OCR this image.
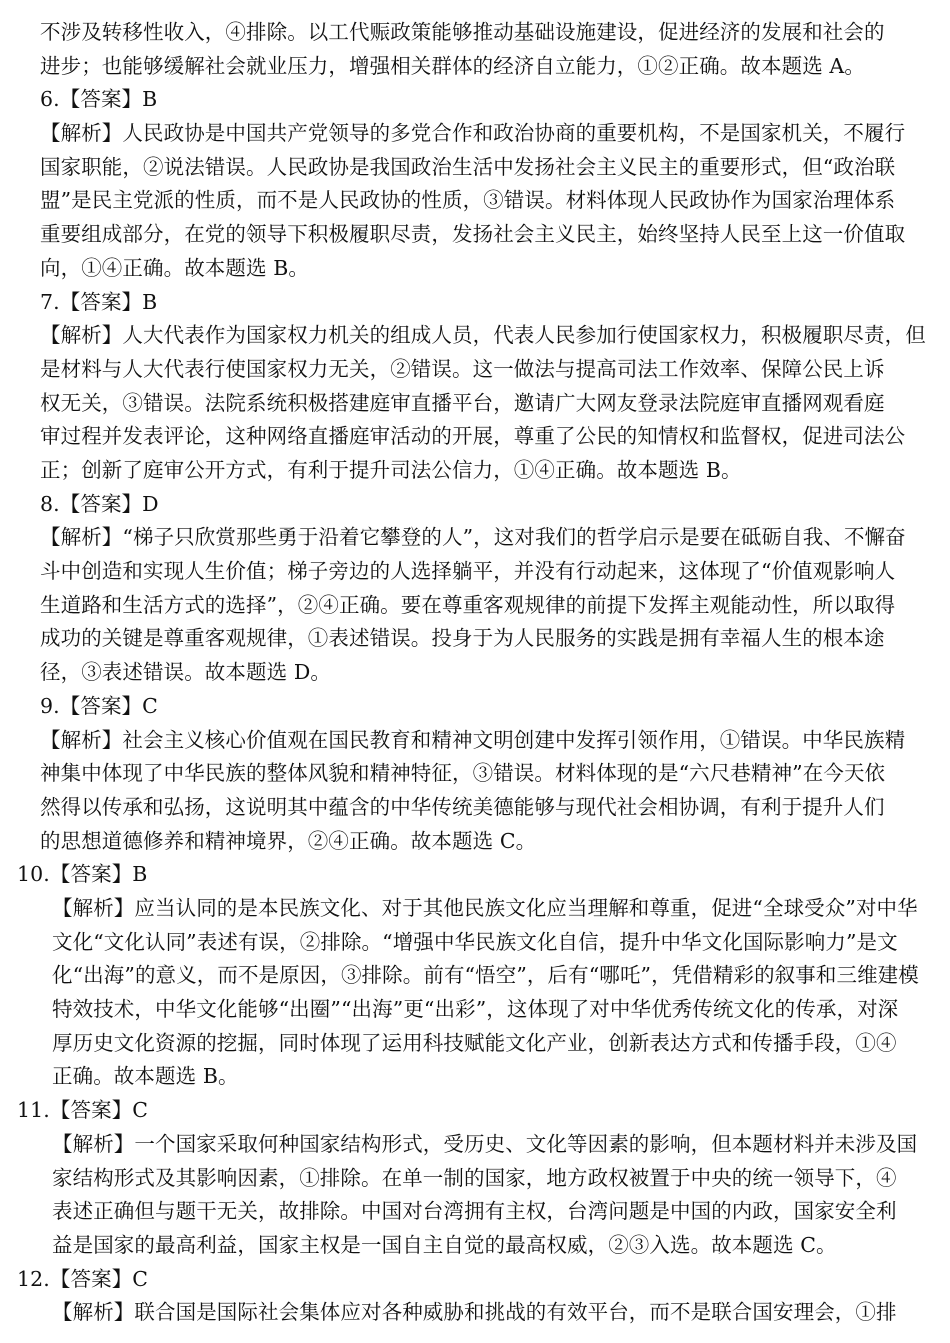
不涉及转移性收入，④排除。以工代赈政策能够推动基础设施建设，促进经济的发展和社会的
进步；也能够缓解社会就业压力，增强相关群体的经济自立能力，①②正确。故本题选 A。
6.【答案】B
【解析】人民政协是中国共产党领导的多党合作和政治协商的重要机构，不是国家机关，不履行
国家职能，②说法错误。人民政协是我国政治生活中发扬社会主义民主的重要形式，但“政治联
盟”是民主党派的性质，而不是人民政协的性质，③错误。材料体现人民政协作为国家治理体系
重要组成部分，在党的领导下积极履职尽责，发扬社会主义民主，始终坚持人民至上这一价值取
向，①④正确。故本题选 B。
7.【答案】B
【解析】人大代表作为国家权力机关的组成人员，代表人民参加行使国家权力，积极履职尽责，但
是材料与人大代表行使国家权力无关，②错误。这一做法与提高司法工作效率、保障公民上诉
权无关，③错误。法院系统积极搭建庭审直播平台，邀请广大网友登录法院庭审直播网观看庭
审过程并发表评论，这种网络直播庭审活动的开展，尊重了公民的知情权和监督权，促进司法公
正；创新了庭审公开方式，有利于提升司法公信力，①④正确。故本题选 B。
8.【答案】D
【解析】“梯子只欣赏那些勇于沿着它攀登的人”，这对我们的哲学启示是要在砥砺自我、不懈奋
斗中创造和实现人生价值；梯子旁边的人选择躺平，并没有行动起来，这体现了“价值观影响人
生道路和生活方式的选择”，②④正确。要在尊重客观规律的前提下发挥主观能动性，所以取得
成功的关键是尊重客观规律，①表述错误。投身于为人民服务的实践是拥有幸福人生的根本途
径，③表述错误。故本题选 D。
9.【答案】C
【解析】社会主义核心价值观在国民教育和精神文明创建中发挥引领作用，①错误。中华民族精
神集中体现了中华民族的整体风貌和精神特征，③错误。材料体现的是“六尺巷精神”在今天依
然得以传承和弘扬，这说明其中蕴含的中华传统美德能够与现代社会相协调，有利于提升人们
的思想道德修养和精神境界，②④正确。故本题选 C。
10.【答案】B
【解析】应当认同的是本民族文化、对于其他民族文化应当理解和尊重，促进“全球受众”对中华
文化“文化认同”表述有误，②排除。“增强中华民族文化自信，提升中华文化国际影响力”是文
化“出海”的意义，而不是原因，③排除。前有“悟空”，后有“哪吒”，凭借精彩的叙事和三维建模
特效技术，中华文化能够“出圈”“出海”更“出彩”，这体现了对中华优秀传统文化的传承，对深
厚历史文化资源的挖掘，同时体现了运用科技赋能文化产业，创新表达方式和传播手段，①④
正确。故本题选 B。
11.【答案】C
【解析】一个国家采取何种国家结构形式，受历史、文化等因素的影响，但本题材料并未涉及国
家结构形式及其影响因素，①排除。在单一制的国家，地方政权被置于中央的统一领导下，④
表述正确但与题干无关，故排除。中国对台湾拥有主权，台湾问题是中国的内政，国家安全利
益是国家的最高利益，国家主权是一国自主自觉的最高权威，②③入选。故本题选 C。
12.【答案】C
【解析】联合国是国际社会集体应对各种威胁和挑战的有效平台，而不是联合国安理会，①排
